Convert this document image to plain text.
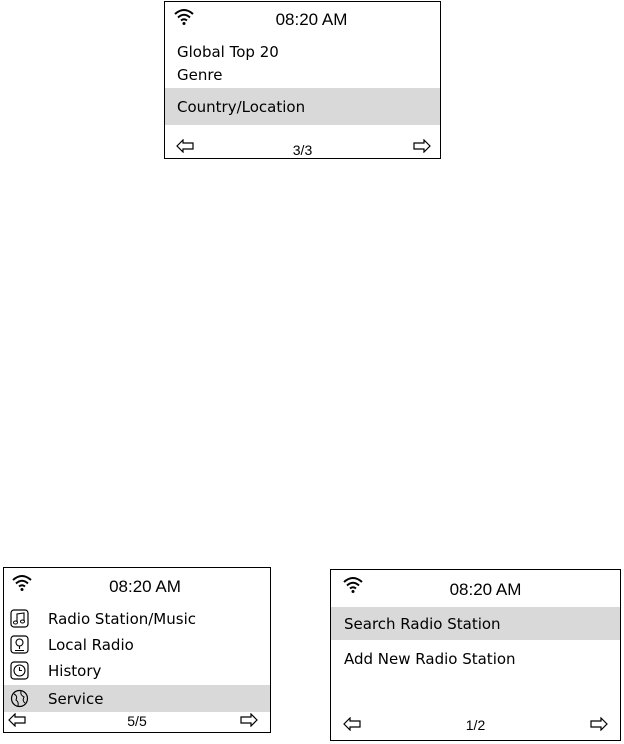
08:20 AM
Global Top 20
Genre
Country/Location
3/3
08:20 AM
Radio Station/Music
Local Radio
History
Service
5/5
08:20 AM
Search Radio Station
Add New Radio Station
1/2
